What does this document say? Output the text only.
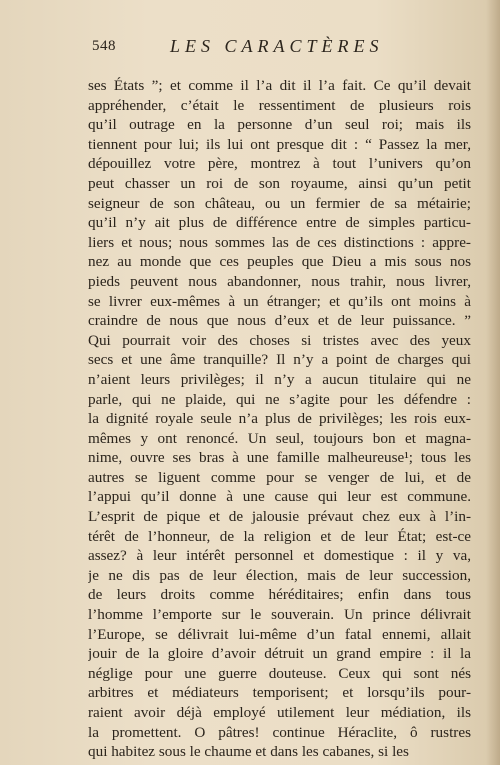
548	LES CARACTÈRES
ses États ”; et comme il l’a dit il l’a fait. Ce qu’il devait
appréhender, c’était le ressentiment de plusieurs rois
qu’il outrage en la personne d’un seul roi; mais ils
tiennent pour lui; ils lui ont presque dit : “ Passez la mer,
dépouillez votre père, montrez à tout l’univers qu’on
peut chasser un roi de son royaume, ainsi qu’un petit
seigneur de son château, ou un fermier de sa métairie;
qu’il n’y ait plus de différence entre de simples particu-
liers et nous; nous sommes las de ces distinctions : appre-
nez au monde que ces peuples que Dieu a mis sous nos
pieds peuvent nous abandonner, nous trahir, nous livrer,
se livrer eux-mêmes à un étranger; et qu’ils ont moins à
craindre de nous que nous d’eux et de leur puissance. ”
Qui pourrait voir des choses si tristes avec des yeux
secs et une âme tranquille? Il n’y a point de charges qui
n’aient leurs privilèges; il n’y a aucun titulaire qui ne
parle, qui ne plaide, qui ne s’agite pour les défendre :
la dignité royale seule n’a plus de privilèges; les rois eux-
mêmes y ont renoncé. Un seul, toujours bon et magna-
nime, ouvre ses bras à une famille malheureuse¹; tous les
autres se liguent comme pour se venger de lui, et de
l’appui qu’il donne à une cause qui leur est commune.
L’esprit de pique et de jalousie prévaut chez eux à l’in-
térêt de l’honneur, de la religion et de leur État; est-ce
assez? à leur intérêt personnel et domestique : il y va,
je ne dis pas de leur élection, mais de leur succession,
de leurs droits comme héréditaires; enfin dans tous
l’homme l’emporte sur le souverain. Un prince délivrait
l’Europe, se délivrait lui-même d’un fatal ennemi, allait
jouir de la gloire d’avoir détruit un grand empire : il la
néglige pour une guerre douteuse. Ceux qui sont nés
arbitres et médiateurs temporisent; et lorsqu’ils pour-
raient avoir déjà employé utilement leur médiation, ils
la promettent. O pâtres! continue Héraclite, ô rustres
qui habitez sous le chaume et dans les cabanes, si les
